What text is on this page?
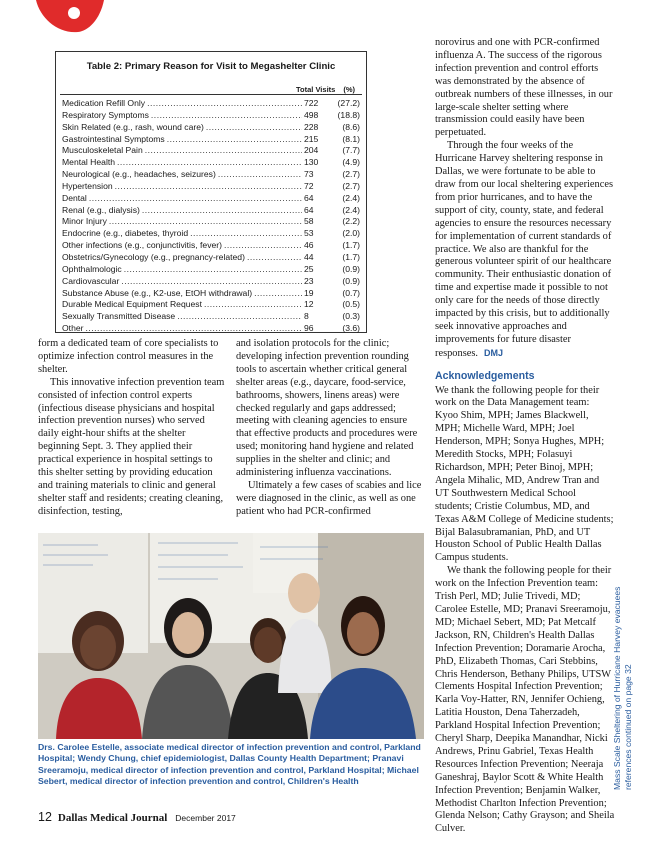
Table 2: Primary Reason for Visit to Megashelter Clinic
Total Visits (%)
Medication Refill Only .....	722	(27.2)
Respiratory Symptoms .....	498	(18.8)
Skin Related (e.g., rash, wound care) .....	228	(8.6)
Gastrointestinal Symptoms .....	215	(8.1)
Musculoskeletal Pain .....	204	(7.7)
Mental Health .....	130	(4.9)
Neurological (e.g., headaches, seizures) .....	73	(2.7)
Hypertension .....	72	(2.7)
Dental .....	64	(2.4)
Renal (e.g., dialysis) .....	64	(2.4)
Minor Injury .....	58	(2.2)
Endocrine (e.g., diabetes, thyroid .....	53	(2.0)
Other infections (e.g., conjunctivitis, fever) .....	46	(1.7)
Obstetrics/Gynecology (e.g., pregnancy-related) .....	44	(1.7)
Ophthalmologic .....	25	(0.9)
Cardiovascular .....	23	(0.9)
Substance Abuse (e.g., K2-use, EtOH withdrawal) .....	19	(0.7)
Durable Medical Equipment Request .....	12	(0.5)
Sexually Transmitted Disease .....	8	(0.3)
Other .....	96	(3.6)

form a dedicated team of core specialists to optimize infection control measures in the shelter.

This innovative infection prevention team consisted of infection control experts (infectious disease physicians and hospital infection prevention nurses) who served daily eight-hour shifts at the shelter beginning Sept. 3. They applied their practical experience in hospital settings to this shelter setting by providing education and training materials to clinic and general shelter staff and residents; creating cleaning, disinfection, testing,

and isolation protocols for the clinic; developing infection prevention rounding tools to ascertain whether critical general shelter areas (e.g., daycare, food-service, bathrooms, showers, linens areas) were checked regularly and gaps addressed; meeting with cleaning agencies to ensure that effective products and procedures were used; monitoring hand hygiene and related supplies in the shelter and clinic; and administering influenza vaccinations.

Ultimately a few cases of scabies and lice were diagnosed in the clinic, as well as one patient who had PCR-confirmed

norovirus and one with PCR-confirmed influenza A. The success of the rigorous infection prevention and control efforts was demonstrated by the absence of outbreak numbers of these illnesses, in our large-scale shelter setting where transmission could easily have been perpetuated.

Through the four weeks of the Hurricane Harvey sheltering response in Dallas, we were fortunate to be able to draw from our local sheltering experiences from prior hurricanes, and to have the support of city, county, state, and federal agencies to ensure the resources necessary for implementation of current standards of practice. We also are thankful for the generous volunteer spirit of our healthcare community. Their enthusiastic donation of time and expertise made it possible to not only care for the needs of those directly impacted by this crisis, but to additionally seek innovative approaches and improvements for future disaster responses. DMJ

Acknowledgements

We thank the following people for their work on the Data Management team: Kyoo Shim, MPH; James Blackwell, MPH; Michelle Ward, MPH; Joel Henderson, MPH; Sonya Hughes, MPH; Meredith Stocks, MPH; Folasuyi Richardson, MPH; Peter Binoj, MPH; Angela Mihalic, MD, Andrew Tran and UT Southwestern Medical School students; Cristie Columbus, MD, and Texas A&M College of Medicine students; Bijal Balasubramanian, PhD, and UT Houston School of Public Health Dallas Campus students.

We thank the following people for their work on the Infection Prevention team: Trish Perl, MD; Julie Trivedi, MD; Carolee Estelle, MD; Pranavi Sreeramoju, MD; Michael Sebert, MD; Pat Metcalf Jackson, RN, Children's Health Dallas Infection Prevention; Doramarie Arocha, PhD, Elizabeth Thomas, Cari Stebbins, Chris Henderson, Bethany Philips, UTSW Clements Hospital Infection Prevention; Karla Voy-Hatter, RN, Jennifer Ochieng, Latitia Houston, Dena Taherzadeh, Parkland Hospital Infection Prevention; Cheryl Sharp, Deepika Manandhar, Nicki Andrews, Prinu Gabriel, Texas Health Resources Infection Prevention; Neeraja Ganeshraj, Baylor Scott & White Health Infection Prevention; Benjamin Walker, Methodist Charlton Infection Prevention; Glenda Nelson; Cathy Grayson; and Sheila Culver.

Drs. Carolee Estelle, associate medical director of infection prevention and control, Parkland Hospital; Wendy Chung, chief epidemiologist, Dallas County Health Department; Pranavi Sreeramoju, medical director of infection prevention and control, Parkland Hospital; Michael Sebert, medical director of infection prevention and control, Children's Health
12 Dallas Medical Journal December 2017
Mass Scale Sheltering of Hurricane Harvey evacuees references continued on page 32
